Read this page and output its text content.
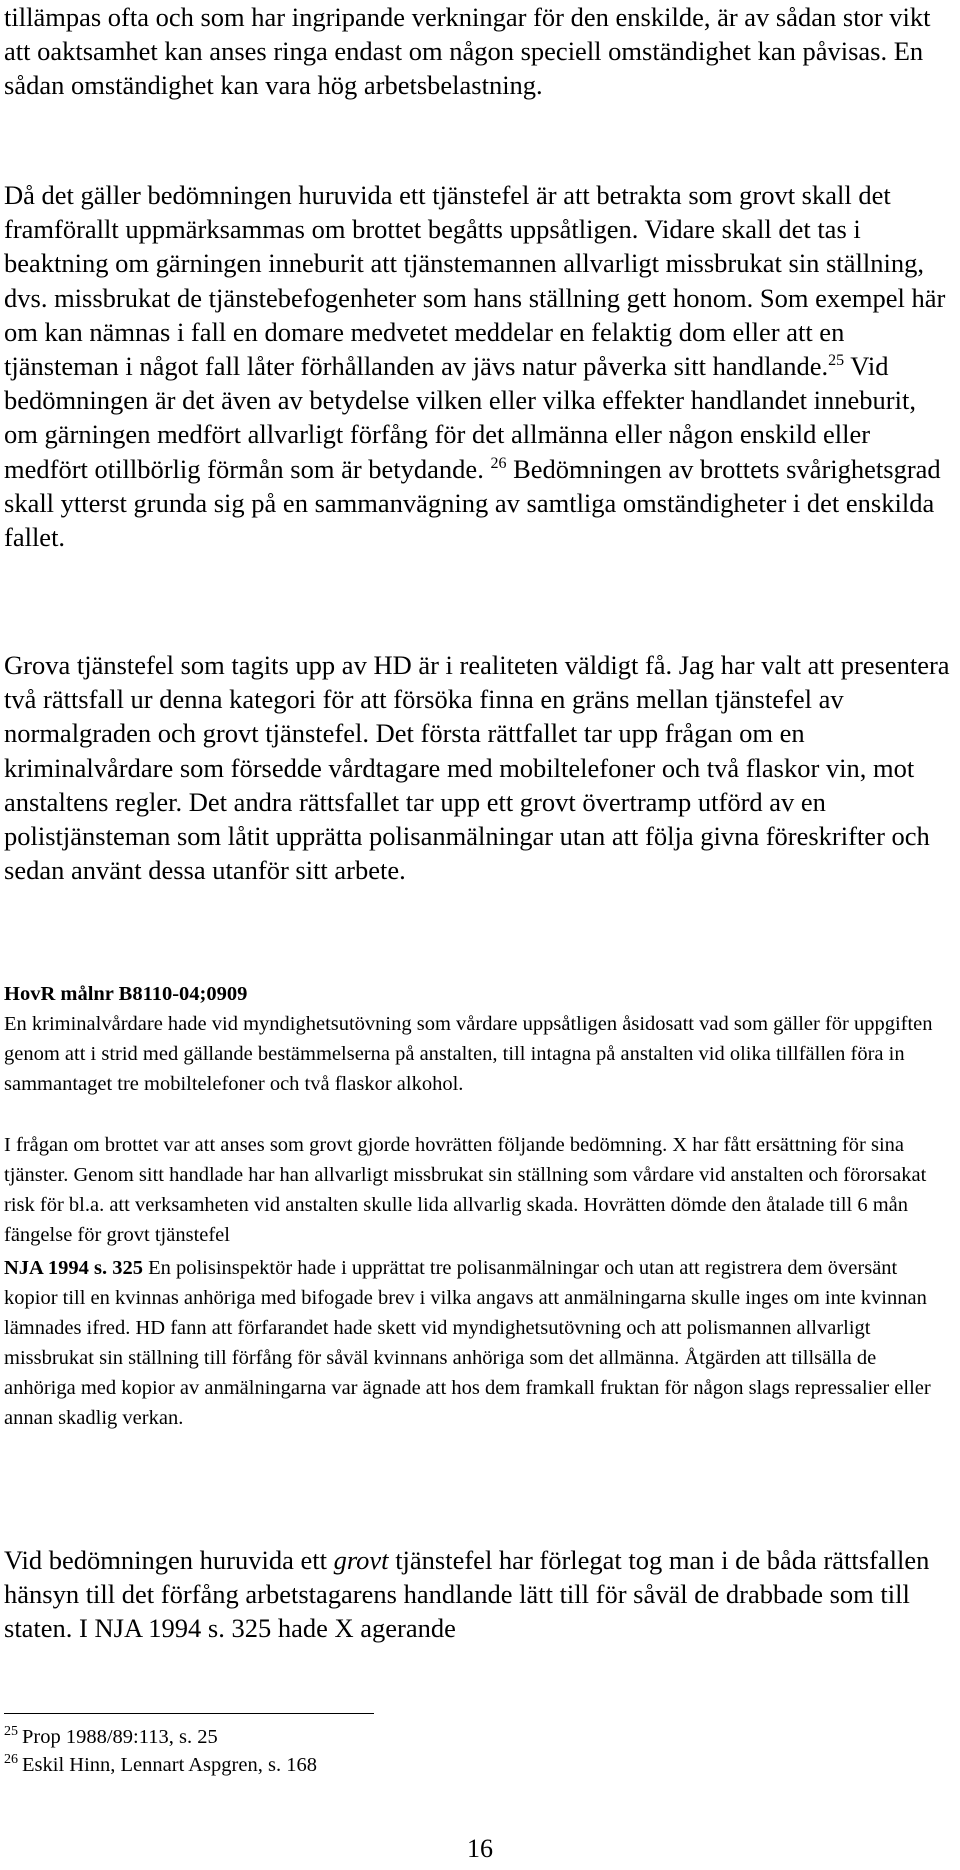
tillämpas ofta och som har ingripande verkningar för den enskilde, är av sådan stor vikt att oaktsamhet kan anses ringa endast om någon speciell omständighet kan påvisas. En sådan omständighet kan vara hög arbetsbelastning.

Då det gäller bedömningen huruvida ett tjänstefel är att betrakta som grovt skall det framförallt uppmärksammas om brottet begåtts uppsåtligen. Vidare skall det tas i beaktning om gärningen inneburit att tjänstemannen allvarligt missbrukat sin ställning, dvs. missbrukat de tjänstebefogenheter som hans ställning gett honom. Som exempel här om kan nämnas i fall en domare medvetet meddelar en felaktig dom eller att en tjänsteman i något fall låter förhållanden av jävs natur påverka sitt handlande.$^{25}$ Vid bedömningen är det även av betydelse vilken eller vilka effekter handlandet inneburit, om gärningen medfört allvarligt förfång för det allmänna eller någon enskild eller medfört otillbörlig förmån som är betydande. $^{26}$ Bedömningen av brottets svårighetsgrad skall ytterst grunda sig på en sammanvägning av samtliga omständigheter i det enskilda fallet.

Grova tjänstefel som tagits upp av HD är i realiteten väldigt få. Jag har valt att presentera två rättsfall ur denna kategori för att försöka finna en gräns mellan tjänstefel av normalgraden och grovt tjänstefel. Det första rättfallet tar upp frågan om en kriminalvårdare som försedde vårdtagare med mobiltelefoner och två flaskor vin, mot anstaltens regler. Det andra rättsfallet tar upp ett grovt övertramp utförd av en polistjänsteman som låtit upprätta polisanmälningar utan att följa givna föreskrifter och sedan använt dessa utanför sitt arbete.

HovR målnr B8110-04;0909
En kriminalvårdare hade vid myndighetsutövning som vårdare uppsåtligen åsidosatt vad som gäller för uppgiften genom att i strid med gällande bestämmelserna på anstalten, till intagna på anstalten vid olika tillfällen föra in sammantaget tre mobiltelefoner och två flaskor alkohol.
I frågan om brottet var att anses som grovt gjorde hovrätten följande bedömning. X har fått ersättning för sina tjänster. Genom sitt handlade har han allvarligt missbrukat sin ställning som vårdare vid anstalten och förorsakat risk för bl.a. att verksamheten vid anstalten skulle lida allvarlig skada. Hovrätten dömde den åtalade till 6 mån fängelse för grovt tjänstefel
NJA 1994 s. 325 En polisinspektör hade i upprättat tre polisanmälningar och utan att registrera dem översänt kopior till en kvinnas anhöriga med bifogade brev i vilka angavs att anmälningarna skulle inges om inte kvinnan lämnades ifred. HD fann att förfarandet hade skett vid myndighetsutövning och att polismannen allvarligt missbrukat sin ställning till förfång för såväl kvinnans anhöriga som det allmänna. Åtgärden att tillsälla de anhöriga med kopior av anmälningarna var ägnade att hos dem framkall fruktan för någon slags repressalier eller annan skadlig verkan.

Vid bedömningen huruvida ett grovt tjänstefel har förlegat tog man i de båda rättsfallen hänsyn till det förfång arbetstagarens handlande lätt till för såväl de drabbade som till staten. I NJA 1994 s. 325 hade X agerande

$^{25}$ Prop 1988/89:113, s. 25

$^{26}$ Eskil Hinn, Lennart Aspgren, s. 168

16
